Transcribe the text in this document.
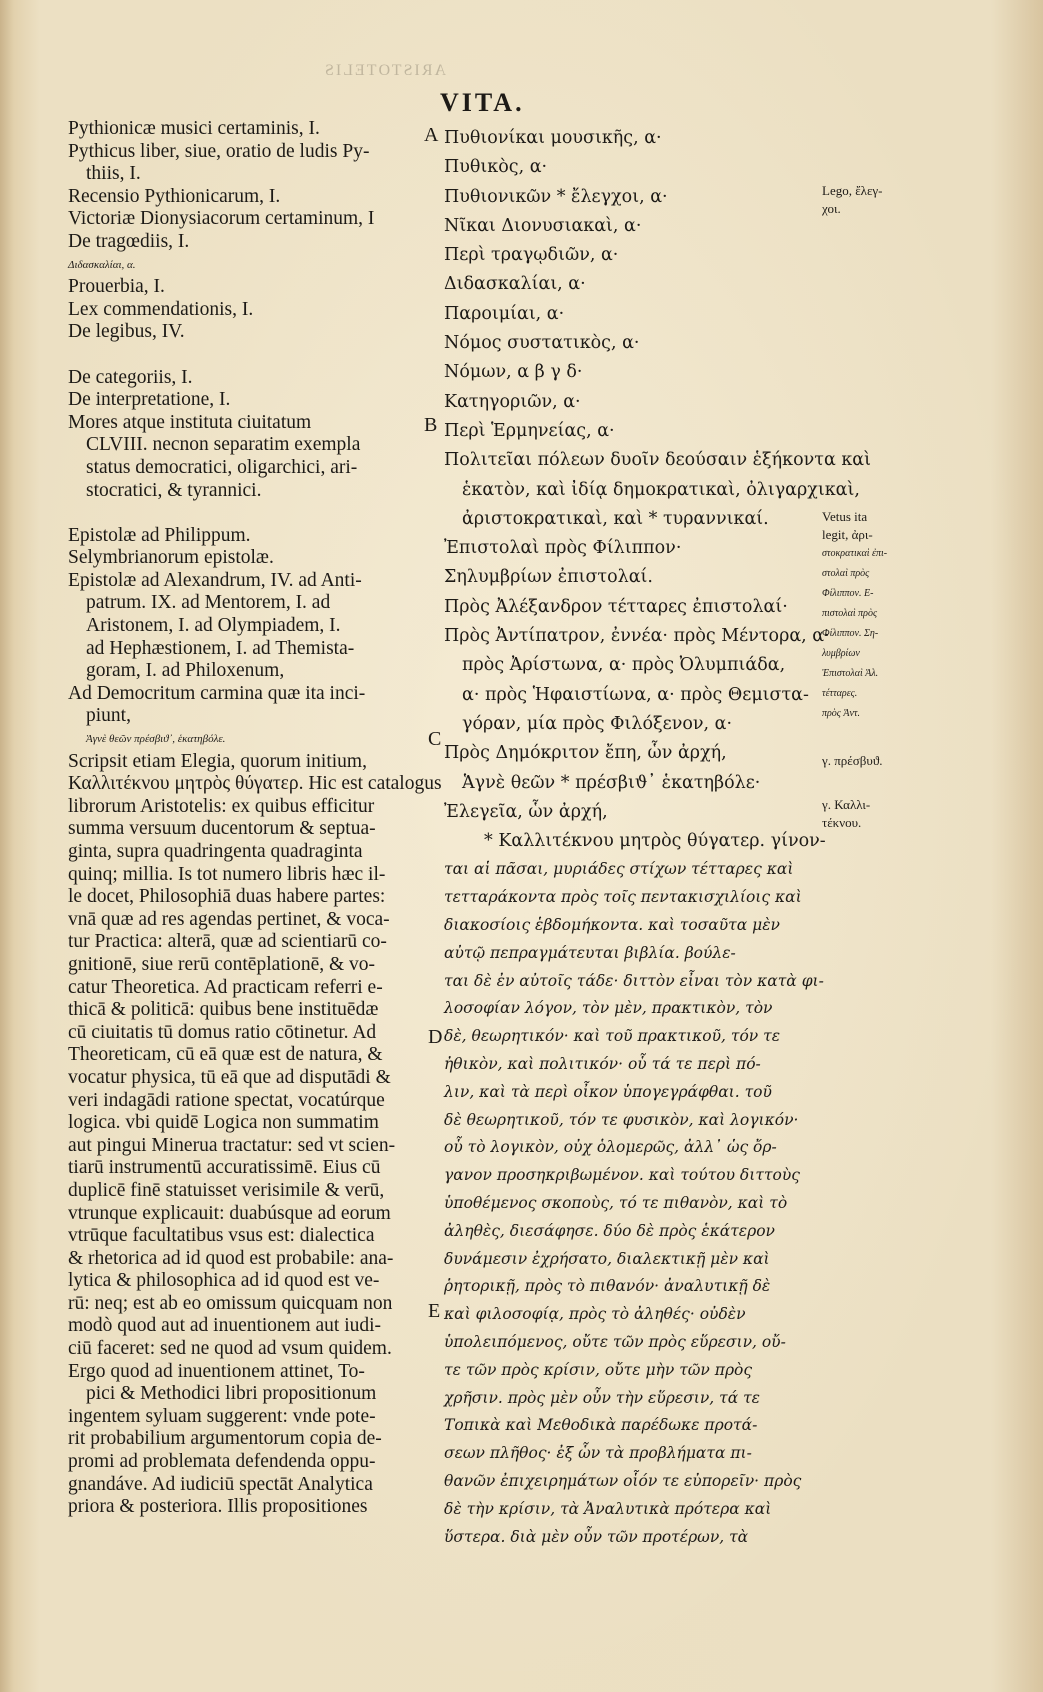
ARISTOTELIS
VITA.
A
B
C
D
E
Pythionicæ musici certaminis, I.
Pythicus liber, siue, oratio de ludis Py-
thiis, I.
Recensio Pythionicarum, I.
Victoriæ Dionysiacorum certaminum, I
De tragœdiis, I.
Διδασκαλίαι, α.
Prouerbia, I.
Lex commendationis, I.
De legibus, IV.
De categoriis, I.
De interpretatione, I.
Mores atque instituta ciuitatum
CLVIII. necnon separatim exempla
status democratici, oligarchici, ari-
stocratici, & tyrannici.
Epistolæ ad Philippum.
Selymbrianorum epistolæ.
Epistolæ ad Alexandrum, IV. ad Anti-
patrum. IX. ad Mentorem, I. ad
Aristonem, I. ad Olympiadem, I.
ad Hephæstionem, I. ad Themista-
goram, I. ad Philoxenum,
Ad Democritum carmina quæ ita inci-
piunt,
Ἁγνὲ θεῶν πρέσβιϑ᾽, ἑκατηβόλε.
Scripsit etiam Elegia, quorum initium,
Καλλιτέκνου μητρὸς θύγατερ. Hic est catalogus
librorum Aristotelis: ex quibus efficitur
summa versuum ducentorum & septua-
ginta, supra quadringenta quadraginta
quinq; millia. Is tot numero libris hæc il-
le docet, Philosophiā duas habere partes:
vnā quæ ad res agendas pertinet, & voca-
tur Practica: alterā, quæ ad scientiarū co-
gnitionē, siue rerū contēplationē, & vo-
catur Theoretica. Ad practicam referri e-
thicā & politicā: quibus bene instituēdæ
cū ciuitatis tū domus ratio cōtinetur. Ad
Theoreticam, cū eā quæ est de natura, &
vocatur physica, tū eā que ad disputādi &
veri indagādi ratione spectat, vocatúrque
logica. vbi quidē Logica non summatim
aut pingui Minerua tractatur: sed vt scien-
tiarū instrumentū accuratissimē. Eius cū
duplicē finē statuisset verisimile & verū,
vtrunque explicauit: duabúsque ad eorum
vtrūque facultatibus vsus est: dialectica
& rhetorica ad id quod est probabile: ana-
lytica & philosophica ad id quod est ve-
rū: neq; est ab eo omissum quicquam non
modò quod aut ad inuentionem aut iudi-
ciū faceret: sed ne quod ad vsum quidem.
Ergo quod ad inuentionem attinet, To-
pici & Methodici libri propositionum
ingentem syluam suggerent: vnde pote-
rit probabilium argumentorum copia de-
promi ad problemata defendenda oppu-
gnandáve. Ad iudiciū spectāt Analytica
priora & posteriora. Illis propositiones
Πυθιονίκαι μουσικῆς, α·
Πυθικὸς, α·
Πυθιονικῶν * ἔλεγχοι, α·
Νῖκαι Διονυσιακαὶ, α·
Περὶ τραγῳδιῶν, α·
Διδασκαλίαι, α·
Παροιμίαι, α·
Νόμος συστατικὸς, α·
Νόμων, α β γ δ·
Κατηγοριῶν, α·
Περὶ Ἑρμηνείας, α·
Πολιτεῖαι πόλεων δυοῖν δεούσαιν ἑξήκοντα καὶ
ἑκατὸν, καὶ ἰδίᾳ δημοκρατικαὶ, ὀλιγαρχικαὶ,
ἀριστοκρατικαὶ, καὶ * τυραννικαί.
Ἐπιστολαὶ πρὸς Φίλιππον·
Σηλυμβρίων ἐπιστολαί.
Πρὸς Ἀλέξανδρον τέτταρες ἐπιστολαί·
Πρὸς Ἀντίπατρον, ἐννέα· πρὸς Μέντορα, α·
πρὸς Ἀρίστωνα, α· πρὸς Ὀλυμπιάδα,
α· πρὸς Ἡφαιστίωνα, α· πρὸς Θεμιστα-
γόραν, μία πρὸς Φιλόξενον, α·
Πρὸς Δημόκριτον ἔπη, ὧν ἀρχή,
Ἁγνὲ θεῶν * πρέσβιϑ᾽ ἑκατηβόλε·
Ἐλεγεῖα, ὧν ἀρχή,
* Καλλιτέκνου μητρὸς θύγατερ. γίνον-
ται αἱ πᾶσαι, μυριάδες στίχων τέτταρες καὶ
τετταράκοντα πρὸς τοῖς πεντακισχιλίοις καὶ
διακοσίοις ἑβδομήκοντα. καὶ τοσαῦτα μὲν
αὐτῷ πεπραγμάτευται βιβλία. βούλε-
ται δὲ ἐν αὐτοῖς τάδε· διττὸν εἶναι τὸν κατὰ φι-
λοσοφίαν λόγον, τὸν μὲν, πρακτικὸν, τὸν
δὲ, θεωρητικόν· καὶ τοῦ πρακτικοῦ, τόν τε
ἠθικὸν, καὶ πολιτικόν· οὗ τά τε περὶ πό-
λιν, καὶ τὰ περὶ οἶκον ὑπογεγράφθαι. τοῦ
δὲ θεωρητικοῦ, τόν τε φυσικὸν, καὶ λογικόν·
οὗ τὸ λογικὸν, οὐχ ὁλομερῶς, ἀλλ᾽ ὡς ὄρ-
γανον προσηκριβωμένον. καὶ τούτου διττοὺς
ὑποθέμενος σκοποὺς, τό τε πιθανὸν, καὶ τὸ
ἀληθὲς, διεσάφησε. δύο δὲ πρὸς ἑκάτερον
δυνάμεσιν ἐχρήσατο, διαλεκτικῇ μὲν καὶ
ῥητορικῇ, πρὸς τὸ πιθανόν· ἀναλυτικῇ δὲ
καὶ φιλοσοφίᾳ, πρὸς τὸ ἀληθές· οὐδὲν
ὑπολειπόμενος, οὔτε τῶν πρὸς εὕρεσιν, οὔ-
τε τῶν πρὸς κρίσιν, οὔτε μὴν τῶν πρὸς
χρῆσιν. πρὸς μὲν οὖν τὴν εὕρεσιν, τά τε
Τοπικὰ καὶ Μεθοδικὰ παρέδωκε προτά-
σεων πλῆθος· ἐξ ὧν τὰ προβλήματα πι-
θανῶν ἐπιχειρημάτων οἷόν τε εὐπορεῖν· πρὸς
δὲ τὴν κρίσιν, τὰ Ἀναλυτικὰ πρότερα καὶ
ὕστερα. διὰ μὲν οὖν τῶν προτέρων, τὰ
Lego, ἔλεγ-
χοι.
Vetus ita
legit, ἀρι-
στοκρατικαὶ ἐπι-
στολαὶ πρὸς
Φίλιππον. Ε-
πιστολαὶ πρὸς
Φίλιππον. Ση-
λυμβρίων
Ἐπιστολαὶ Ἀλ.
τέτταρες.
πρὸς Ἀντ.
γ. πρέσβυϑ.
γ. Καλλι-
τέκνου.
